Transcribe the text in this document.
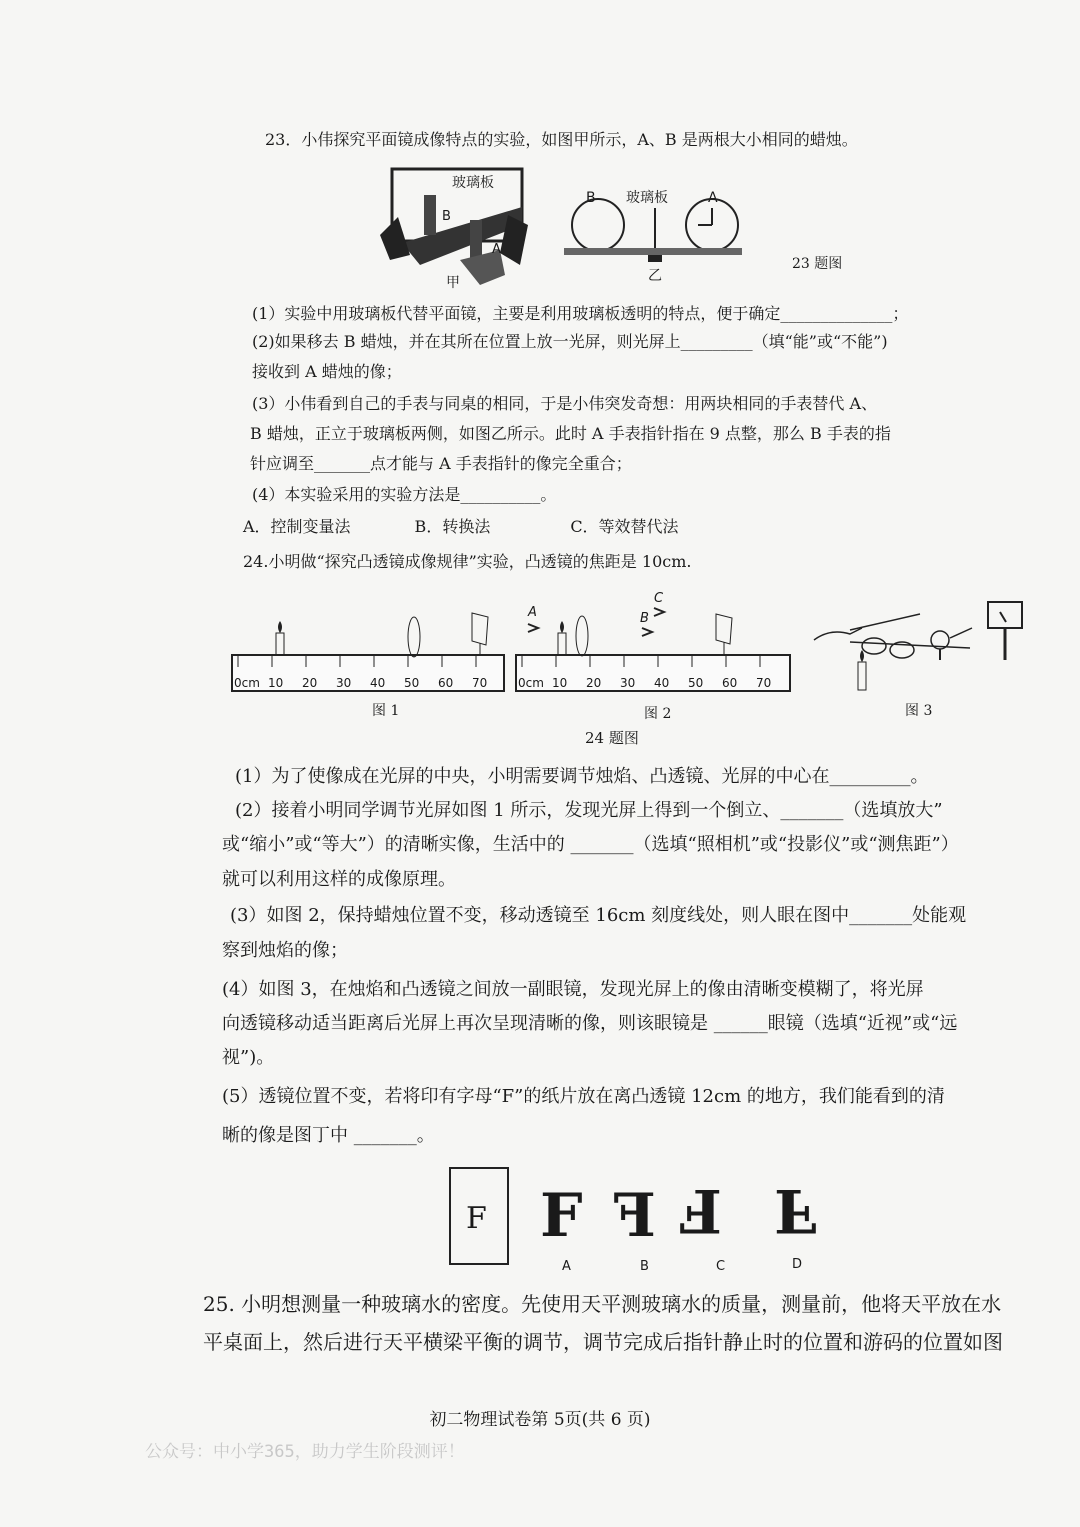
23．小伟探究平面镜成像特点的实验，如图甲所示，A、B 是两根大小相同的蜡烛。
玻璃板
B
A
甲
B 玻璃板	A
乙
23 题图
(1）实验中用玻璃板代替平面镜，主要是利用玻璃板透明的特点，便于确定______________；
(2)如果移去 B 蜡烛，并在其所在位置上放一光屏，则光屏上_________（填“能”或“不能”)
接收到 A 蜡烛的像；
(3）小伟看到自己的手表与同桌的相同，于是小伟突发奇想：用两块相同的手表替代 A、
B 蜡烛，正立于玻璃板两侧，如图乙所示。此时 A 手表指针指在 9 点整，那么 B 手表的指
针应调至_______点才能与 A 手表指针的像完全重合；
(4）本实验采用的实验方法是__________。
A．控制变量法　　　　B．转换法　　　　　C．等效替代法
24.小明做“探究凸透镜成像规律”实验，凸透镜的焦距是 10cm.
0cm 10 20 30 40 50 60 70
图 1
0cm 10 20 30 40 50 60 70
A	B
C
图 2	图 3
24 题图
(1）为了使像成在光屏的中央，小明需要调节烛焰、凸透镜、光屏的中心在_________。
(2）接着小明同学调节光屏如图 1 所示，发现光屏上得到一个倒立、_______（选填放大”
或“缩小”或“等大”）的清晰实像，生活中的 _______（选填“照相机”或“投影仪”或“测焦距”）
就可以利用这样的成像原理。
(3）如图 2，保持蜡烛位置不变，移动透镜至 16cm 刻度线处，则人眼在图中_______处能观
察到烛焰的像；
(4）如图 3，在烛焰和凸透镜之间放一副眼镜，发现光屏上的像由清晰变模糊了，将光屏
向透镜移动适当距离后光屏上再次呈现清晰的像，则该眼镜是 ______眼镜（选填“近视”或“远
视”)。
(5）透镜位置不变，若将印有字母“F”的纸片放在离凸透镜 12cm 的地方，我们能看到的清
晰的像是图丁中 _______。
F F F F F
A	B	C	D
25. 小明想测量一种玻璃水的密度。先使用天平测玻璃水的质量，测量前，他将天平放在水
平桌面上，然后进行天平横梁平衡的调节，调节完成后指针静止时的位置和游码的位置如图
初二物理试卷第 5页(共 6 页)
公众号：中小学365，助力学生阶段测评！
